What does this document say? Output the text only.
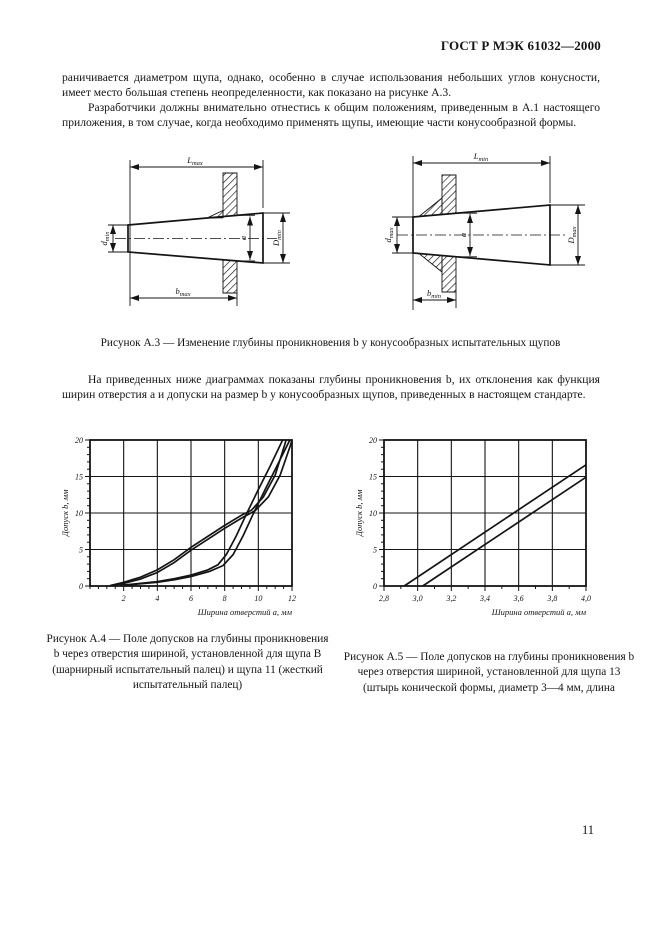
ГОСТ Р МЭК 61032—2000
раничивается диаметром щупа, однако, особенно в случае использования небольших углов конусности, имеет место большая степень неопределенности, как показано на рисунке А.3.
Разработчики должны внимательно отнестись к общим положениям, приведенным в А.1 настоящего приложения, в том случае, когда необходимо применять щупы, имеющие части конусообразной формы.
$L_{max}$
$d_{min}$	a
$D_{min}$
$b_{max}$
$L_{min}$
$d_{max}$	a
$D_{max}$
$b_{min}$
Рисунок А.3 — Изменение глубины проникновения b у конусообразных испытательных щупов
На приведенных ниже диаграммах показаны глубины проникновения b, их отклонения как функция ширин отверстия а и допуски на размер b у конусообразных щупов, приведенных в настоящем стандарте.
2	4	6	8	10	12
0
5
10
15
20
Ширина отверстий а, мм
Допуск b, мм
2,8	3,0	3,2	3,4	3,6	3,8	4,0
0
5
10
15
20
Ширина отверстий а, мм
Допуск b, мм
Рисунок А.4 — Поле допусков на глубины проникновения b через отверстия шириной, установленной для щупа В (шарнирный испытательный палец) и щупа 11 (жесткий испытательный палец)
Рисунок А.5 — Поле допусков на глубины проникновения b через отверстия шириной, установленной для щупа 13 (штырь конической формы, диаметр 3—4 мм, длина
11
